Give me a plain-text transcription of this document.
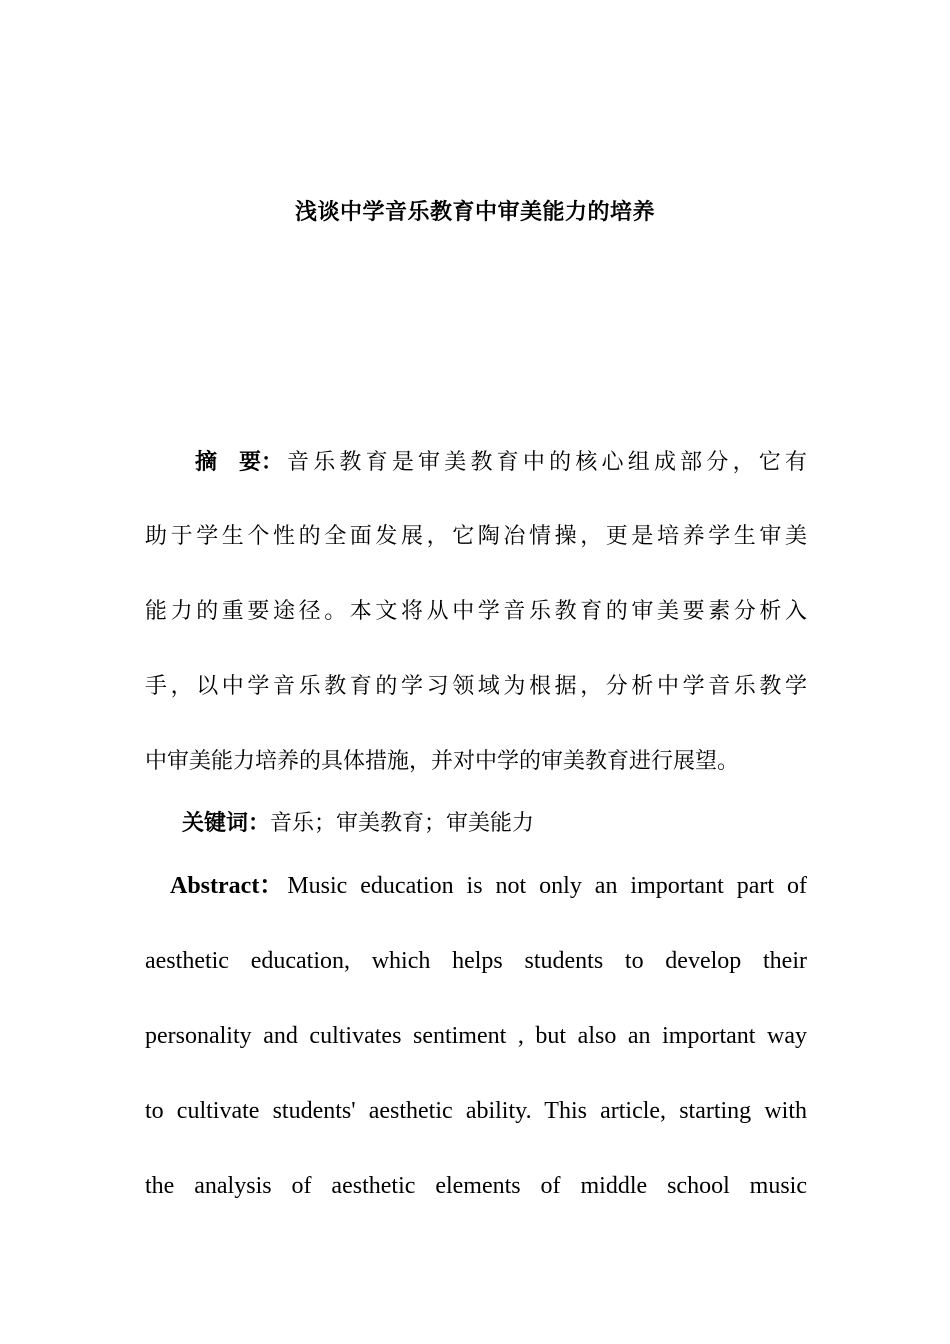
浅谈中学音乐教育中审美能力的培养
摘　要： 音乐教育是审美教育中的核心组成部分，它有
助于学生个性的全面发展，它陶冶情操，更是培养学生审美
能力的重要途径。本文将从中学音乐教育的审美要素分析入
手，以中学音乐教育的学习领域为根据，分析中学音乐教学
中审美能力培养的具体措施，并对中学的审美教育进行展望。
关键词：音乐；审美教育；审美能力
Abstract： Music education is not only an important part of
aesthetic education, which helps students to develop their
personality and cultivates sentiment , but also an important way
to cultivate students' aesthetic ability. This article, starting with
the analysis of aesthetic elements of middle school music
